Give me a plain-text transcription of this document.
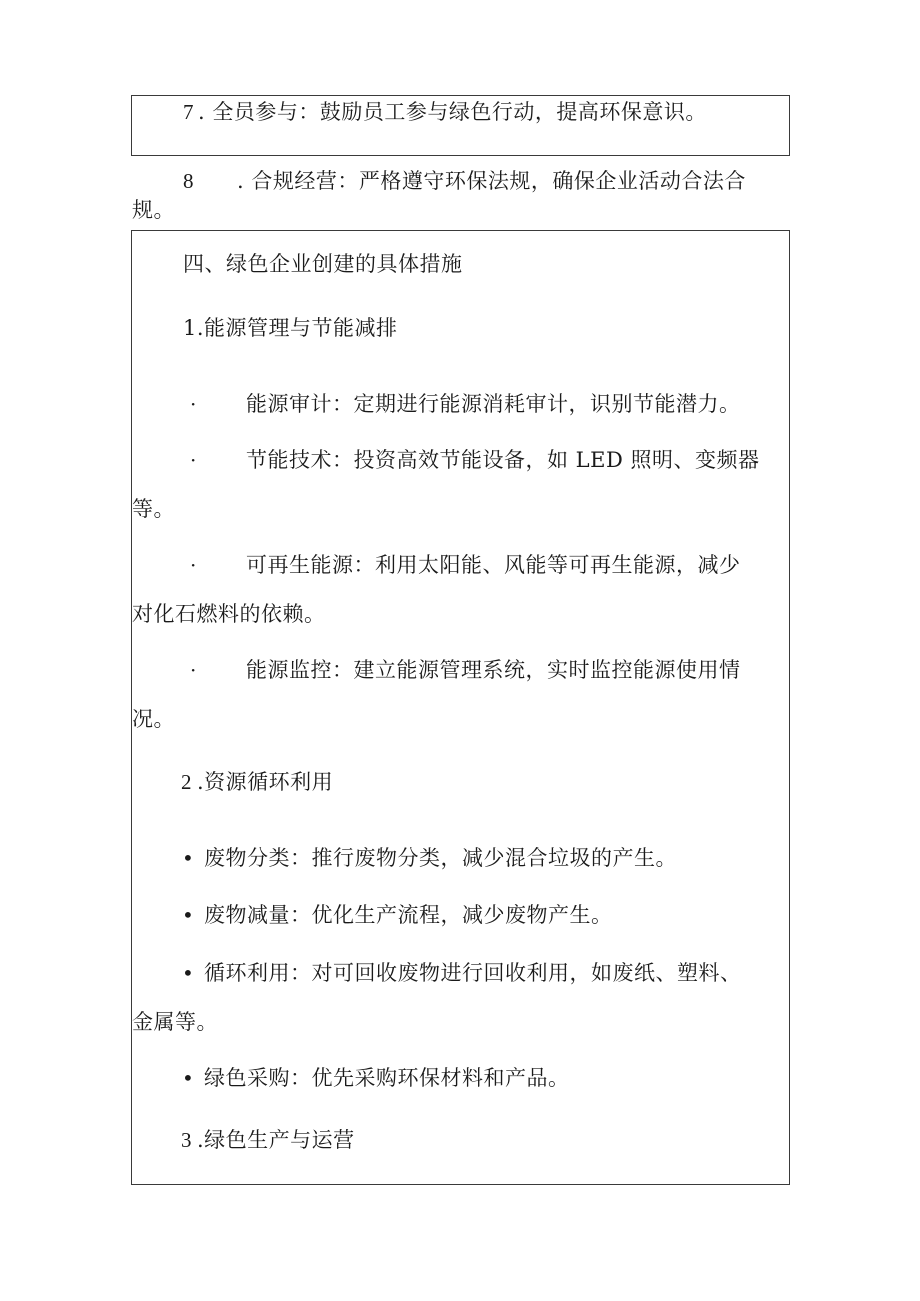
7 . 全员参与：鼓励员工参与绿色行动，提高环保意识。
8 . 合规经营：严格遵守环保法规，确保企业活动合法合
规。
四、绿色企业创建的具体措施
1.能源管理与节能减排
· 能源审计：定期进行能源消耗审计，识别节能潜力。
· 节能技术：投资高效节能设备，如 LED 照明、变频器
等。
· 可再生能源：利用太阳能、风能等可再生能源，减少
对化石燃料的依赖。
· 能源监控：建立能源管理系统，实时监控能源使用情
况。
2 .资源循环利用
• 废物分类：推行废物分类，减少混合垃圾的产生。
• 废物减量：优化生产流程，减少废物产生。
• 循环利用：对可回收废物进行回收利用，如废纸、塑料、
金属等。
• 绿色采购：优先采购环保材料和产品。
3 .绿色生产与运营
